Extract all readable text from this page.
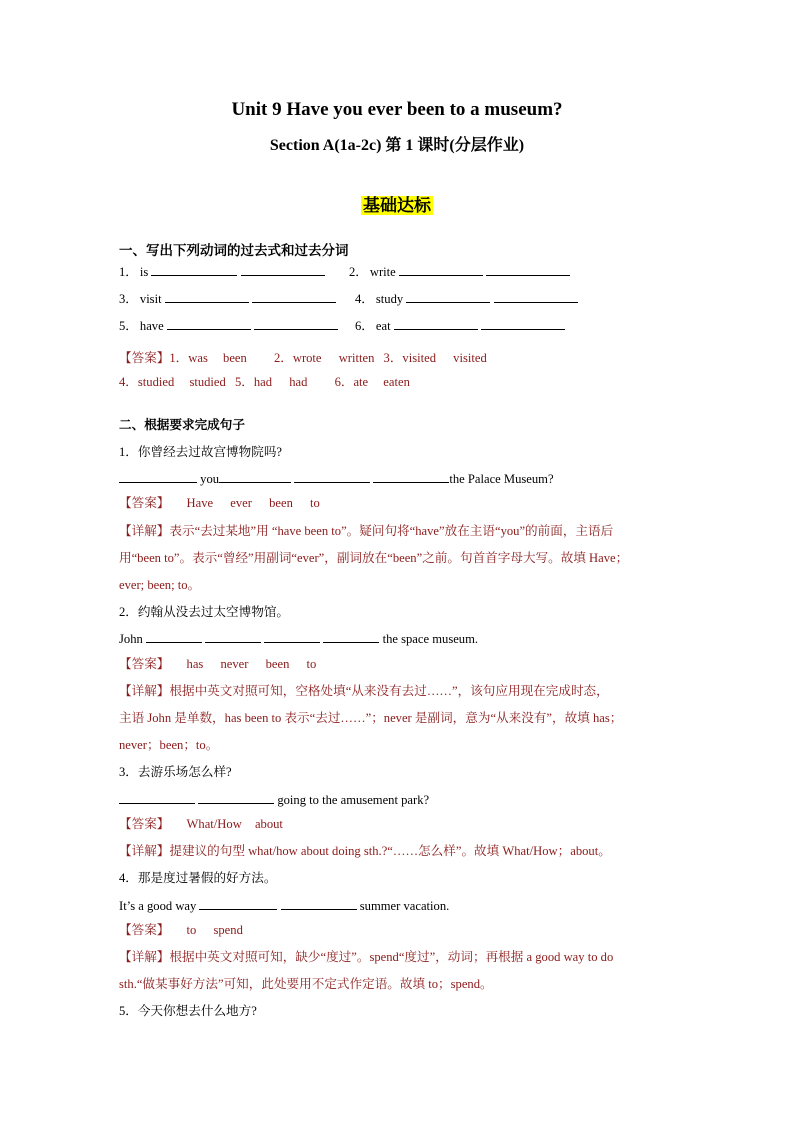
Unit 9 Have you ever been to a museum?
Section A(1a-2c) 第 1 课时(分层作业)
基础达标
一、写出下列动词的过去式和过去分词
1． is	2． write
3． visit	4． study
5． have	6． eat
【答案】1．was been 2．wrote written 3．visited visited
4．studied studied 5．had had 6．ate eaten
二、根据要求完成句子
1．你曾经去过故宫博物院吗?
you	the Palace Museum?
【答案】 Have ever been to
【详解】表示“去过某地”用 “have been to”。疑问句将“have”放在主语“you”的前面，主语后
用“been to”。表示“曾经”用副词“ever”，副词放在“been”之前。句首首字母大写。故填 Have；
ever; been; to。
2．约翰从没去过太空博物馆。
John	the space museum.
【答案】 has never been to
【详解】根据中英文对照可知，空格处填“从来没有去过……”，该句应用现在完成时态，
主语 John 是单数，has been to 表示“去过……”；never 是副词，意为“从来没有”，故填 has；
never；been；to。
3．去游乐场怎么样?
going to the amusement park?
【答案】 What/How about
【详解】提建议的句型 what/how about doing sth.?“……怎么样”。故填 What/How；about。
4．那是度过暑假的好方法。
It’s a good way	summer vacation.
【答案】 to spend
【详解】根据中英文对照可知，缺少“度过”。spend“度过”，动词；再根据 a good way to do
sth.“做某事好方法”可知，此处要用不定式作定语。故填 to；spend。
5．今天你想去什么地方?
